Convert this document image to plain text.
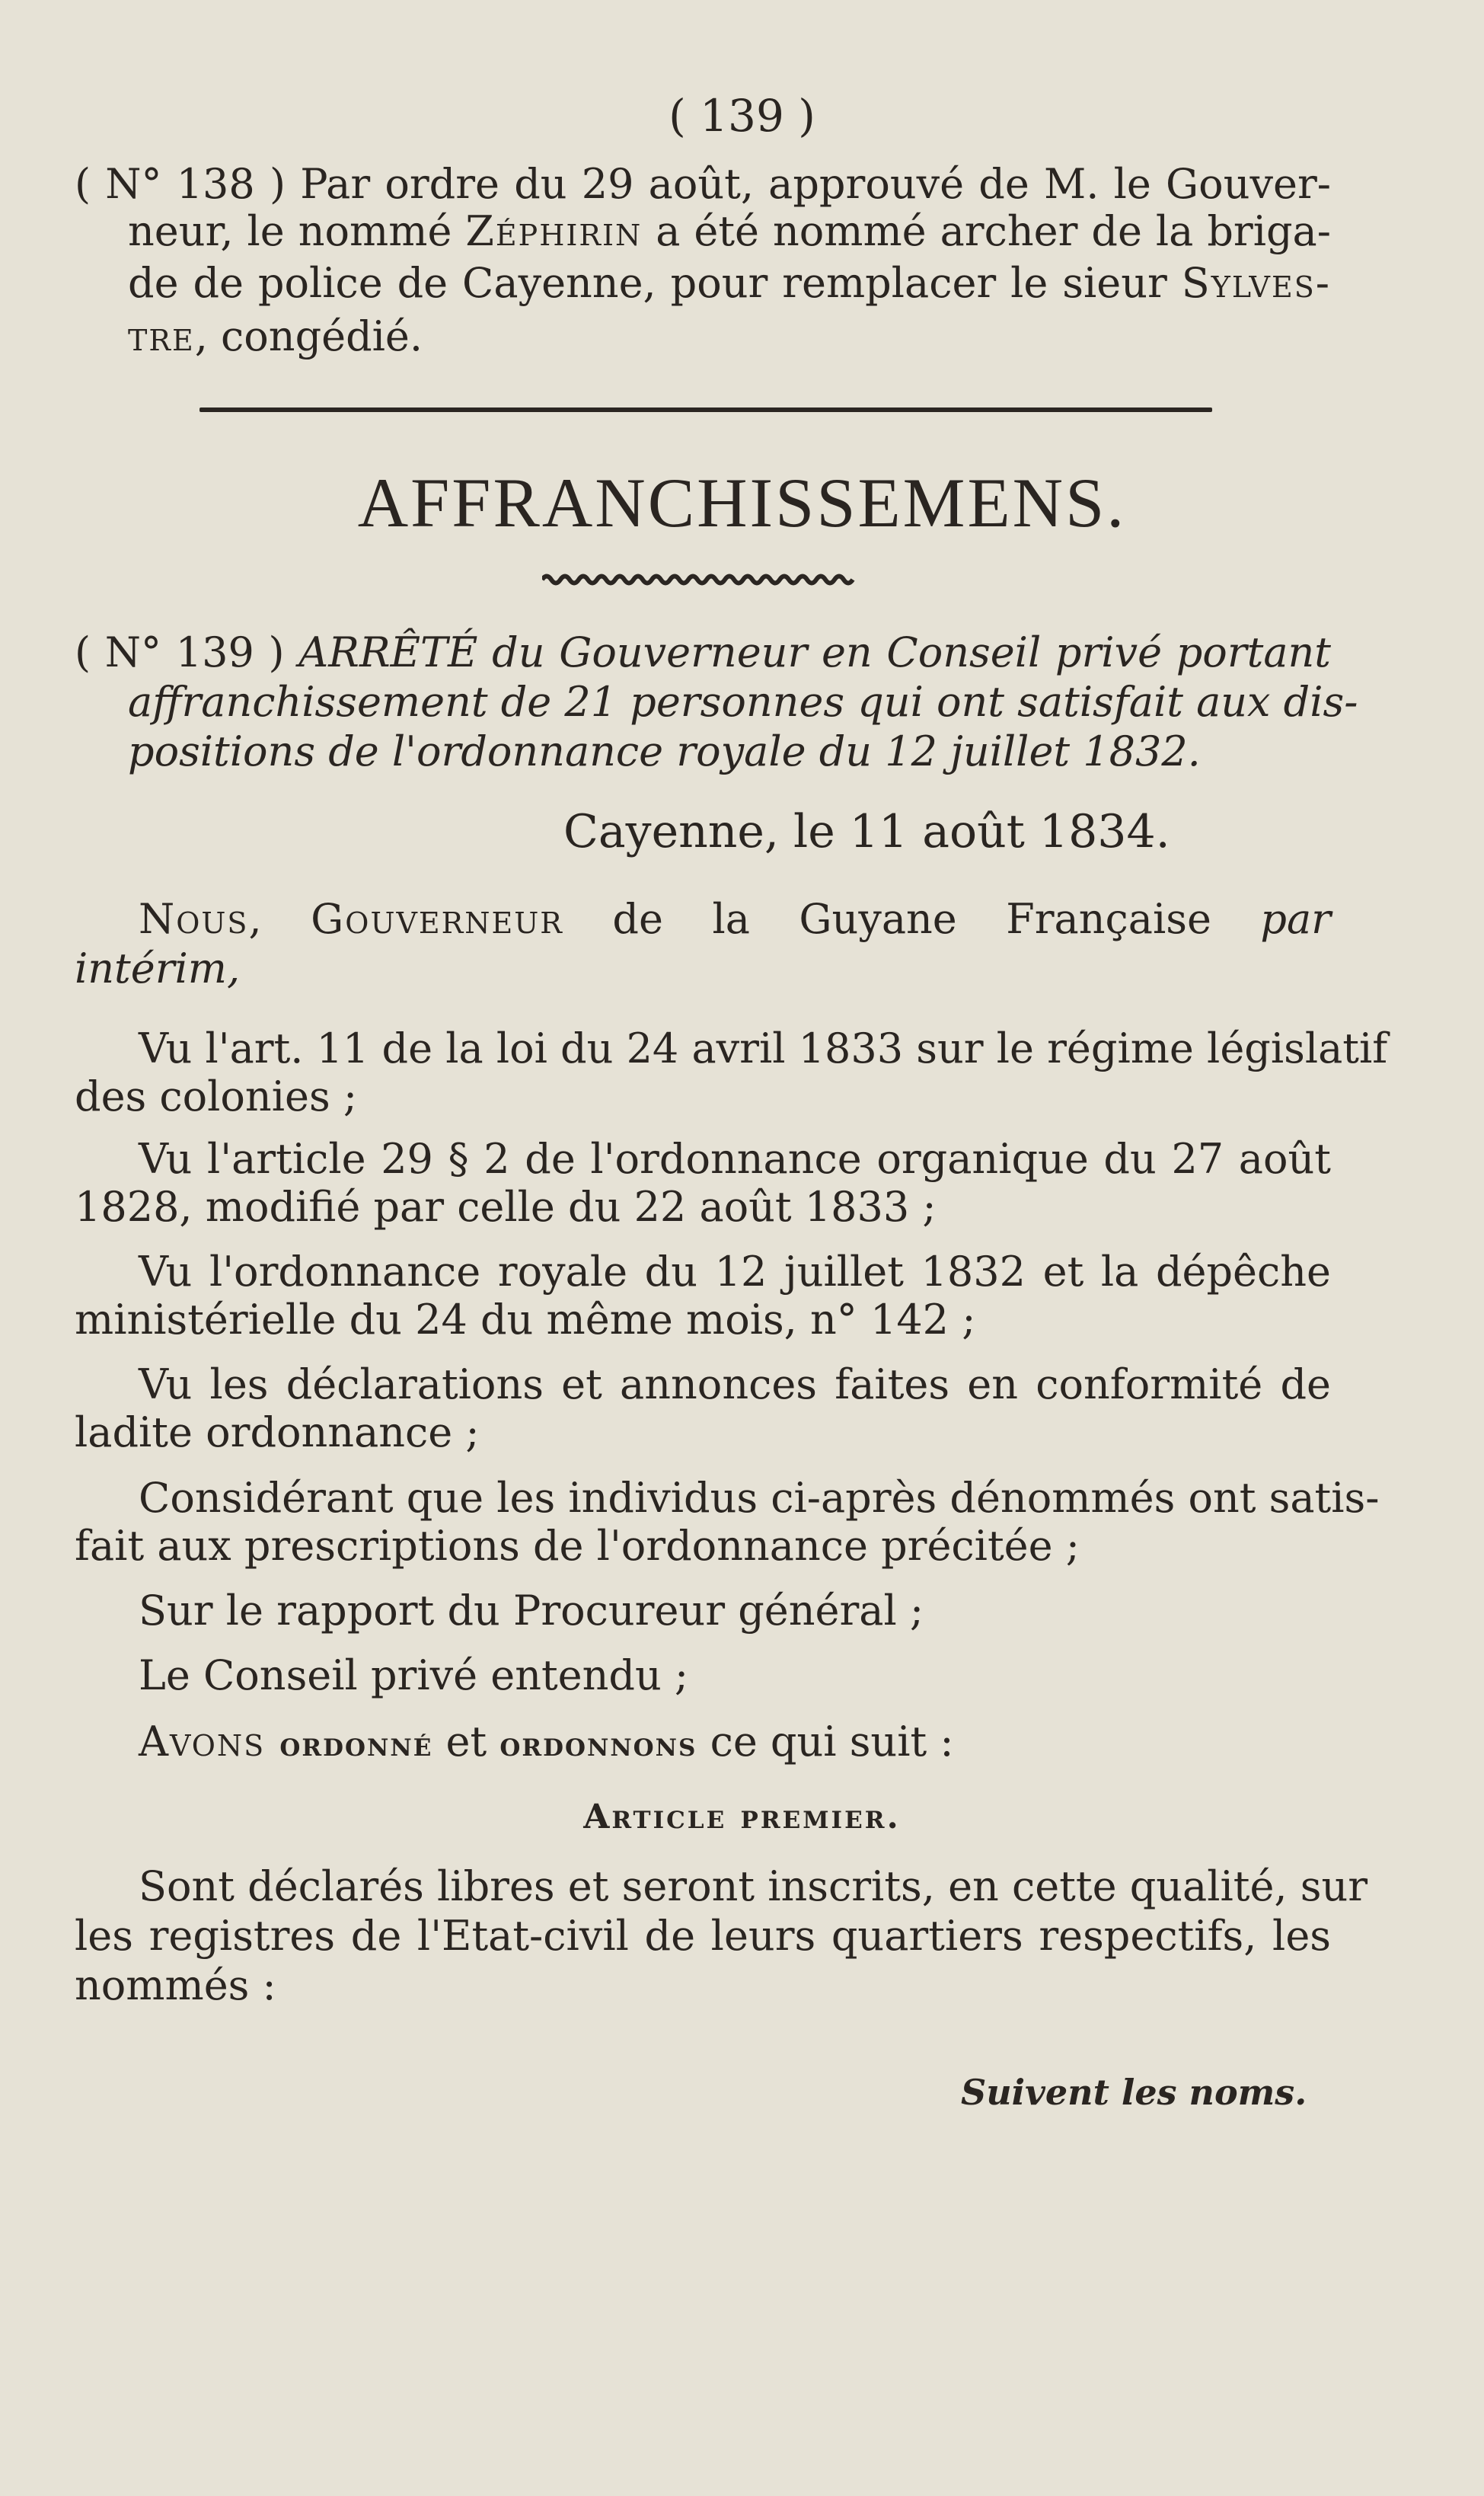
( 139 )
( N° 138 ) Par ordre du 29 août, approuvé de M. le Gouver-
neur, le nommé Zéphirin a été nommé archer de la briga-
de de police de Cayenne, pour remplacer le sieur Sylves-
tre, congédié.
AFFRANCHISSEMENS.
( N° 139 ) ARRÊTÉ du Gouverneur en Conseil privé portant
affranchissement de 21 personnes qui ont satisfait aux dis-
positions de l'ordonnance royale du 12 juillet 1832.
Cayenne, le 11 août 1834.
Nous, Gouverneur de la Guyane Française par
intérim,
Vu l'art. 11 de la loi du 24 avril 1833 sur le régime législatif
des colonies ;
Vu l'article 29 § 2 de l'ordonnance organique du 27 août
1828, modifié par celle du 22 août 1833 ;
Vu l'ordonnance royale du 12 juillet 1832 et la dépêche
ministérielle du 24 du même mois, n° 142 ;
Vu les déclarations et annonces faites en conformité de
ladite ordonnance ;
Considérant que les individus ci-après dénommés ont satis-
fait aux prescriptions de l'ordonnance précitée ;
Sur le rapport du Procureur général ;
Le Conseil privé entendu ;
Avons ordonné et ordonnons ce qui suit :
Article premier.
Sont déclarés libres et seront inscrits, en cette qualité, sur
les registres de l'Etat-civil de leurs quartiers respectifs, les
nommés :
Suivent les noms.
